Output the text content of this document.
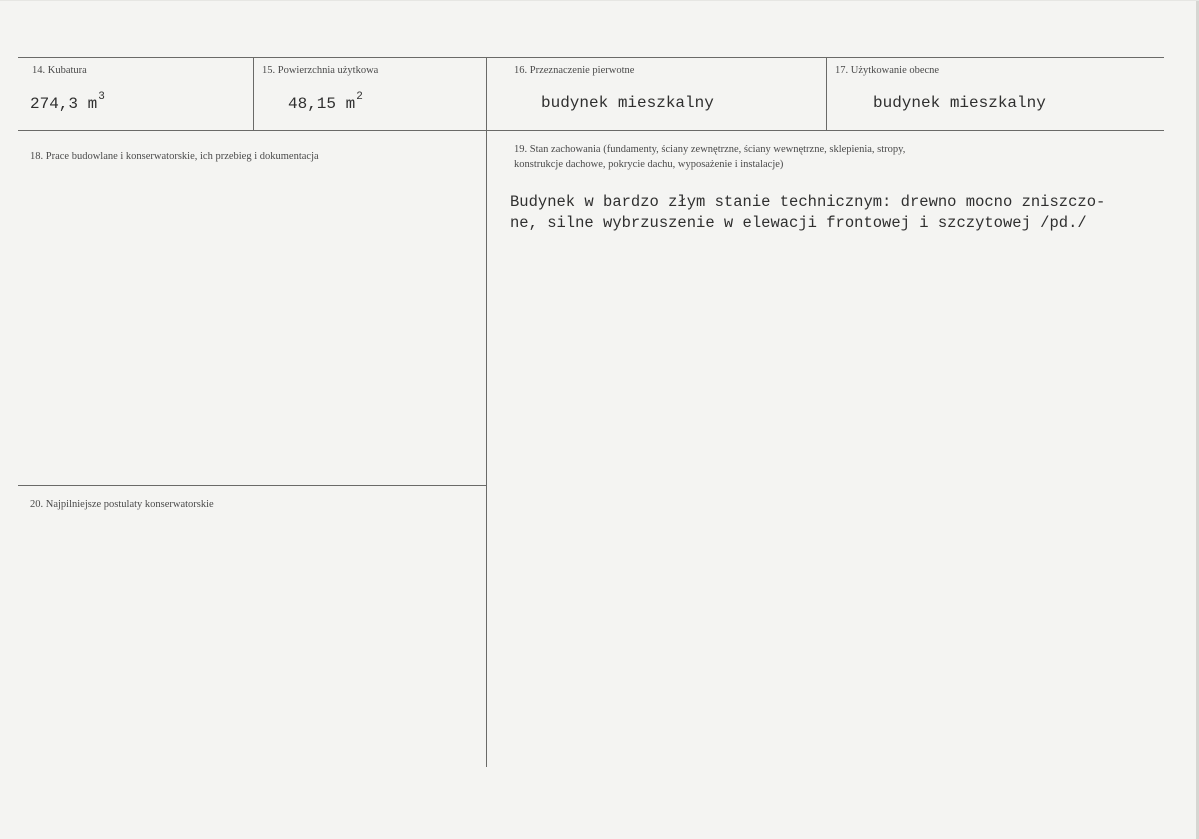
14. Kubatura
274,3 $m^3$
15. Powierzchnia użytkowa
48,15 $m^2$
16. Przeznaczenie pierwotne
budynek mieszkalny
17. Użytkowanie obecne
budynek mieszkalny
18. Prace budowlane i konserwatorskie, ich przebieg i dokumentacja
19. Stan zachowania (fundamenty, ściany zewnętrzne, ściany wewnętrzne, sklepienia, stropy,
konstrukcje dachowe, pokrycie dachu, wyposażenie i instalacje)
Budynek w bardzo złym stanie technicznym: drewno mocno zniszczo-
ne, silne wybrzuszenie w elewacji frontowej i szczytowej /pd./
20. Najpilniejsze postulaty konserwatorskie
